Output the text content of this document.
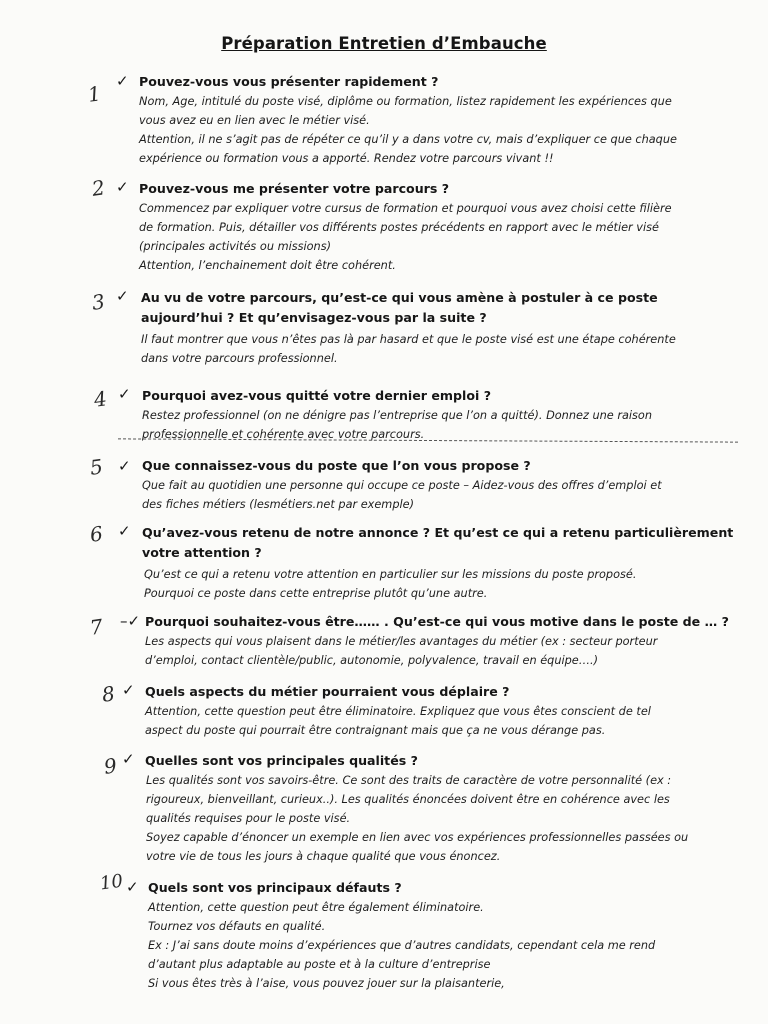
Préparation Entretien d’Embauche
1
✓ Pouvez-vous vous présenter rapidement ?
Nom, Age, intitulé du poste visé, diplôme ou formation, listez rapidement les expériences que
vous avez eu en lien avec le métier visé.
Attention, il ne s’agit pas de répéter ce qu’il y a dans votre cv, mais d’expliquer ce que chaque
expérience ou formation vous a apporté. Rendez votre parcours vivant !!
2 ✓ Pouvez-vous me présenter votre parcours ?
Commencez par expliquer votre cursus de formation et pourquoi vous avez choisi cette filière
de formation. Puis, détailler vos différents postes précédents en rapport avec le métier visé
(principales activités ou missions)
Attention, l’enchainement doit être cohérent.
3 ✓ Au vu de votre parcours, qu’est-ce qui vous amène à postuler à ce poste
aujourd’hui ? Et qu’envisagez-vous par la suite ?
Il faut montrer que vous n’êtes pas là par hasard et que le poste visé est une étape cohérente
dans votre parcours professionnel.
4 ✓ Pourquoi avez-vous quitté votre dernier emploi ?
Restez professionnel (on ne dénigre pas l’entreprise que l’on a quitté). Donnez une raison
professionnelle et cohérente avec votre parcours.
5 ✓ Que connaissez-vous du poste que l’on vous propose ?
Que fait au quotidien une personne qui occupe ce poste – Aidez-vous des offres d’emploi et
des fiches métiers (lesmétiers.net par exemple)
6 ✓ Qu’avez-vous retenu de notre annonce ? Et qu’est ce qui a retenu particulièrement
votre attention ?
Qu’est ce qui a retenu votre attention en particulier sur les missions du poste proposé.
Pourquoi ce poste dans cette entreprise plutôt qu’une autre.
7 –✓ Pourquoi souhaitez-vous être…… . Qu’est-ce qui vous motive dans le poste de … ?
Les aspects qui vous plaisent dans le métier/les avantages du métier (ex : secteur porteur
d’emploi, contact clientèle/public, autonomie, polyvalence, travail en équipe….)
8 ✓ Quels aspects du métier pourraient vous déplaire ?
Attention, cette question peut être éliminatoire. Expliquez que vous êtes conscient de tel
aspect du poste qui pourrait être contraignant mais que ça ne vous dérange pas.
9 ✓ Quelles sont vos principales qualités ?
Les qualités sont vos savoirs-être. Ce sont des traits de caractère de votre personnalité (ex :
rigoureux, bienveillant, curieux..). Les qualités énoncées doivent être en cohérence avec les
qualités requises pour le poste visé.
Soyez capable d’énoncer un exemple en lien avec vos expériences professionnelles passées ou
votre vie de tous les jours à chaque qualité que vous énoncez.
10 ✓ Quels sont vos principaux défauts ?
Attention, cette question peut être également éliminatoire.
Tournez vos défauts en qualité.
Ex : J’ai sans doute moins d’expériences que d’autres candidats, cependant cela me rend
d’autant plus adaptable au poste et à la culture d’entreprise
Si vous êtes très à l’aise, vous pouvez jouer sur la plaisanterie,
